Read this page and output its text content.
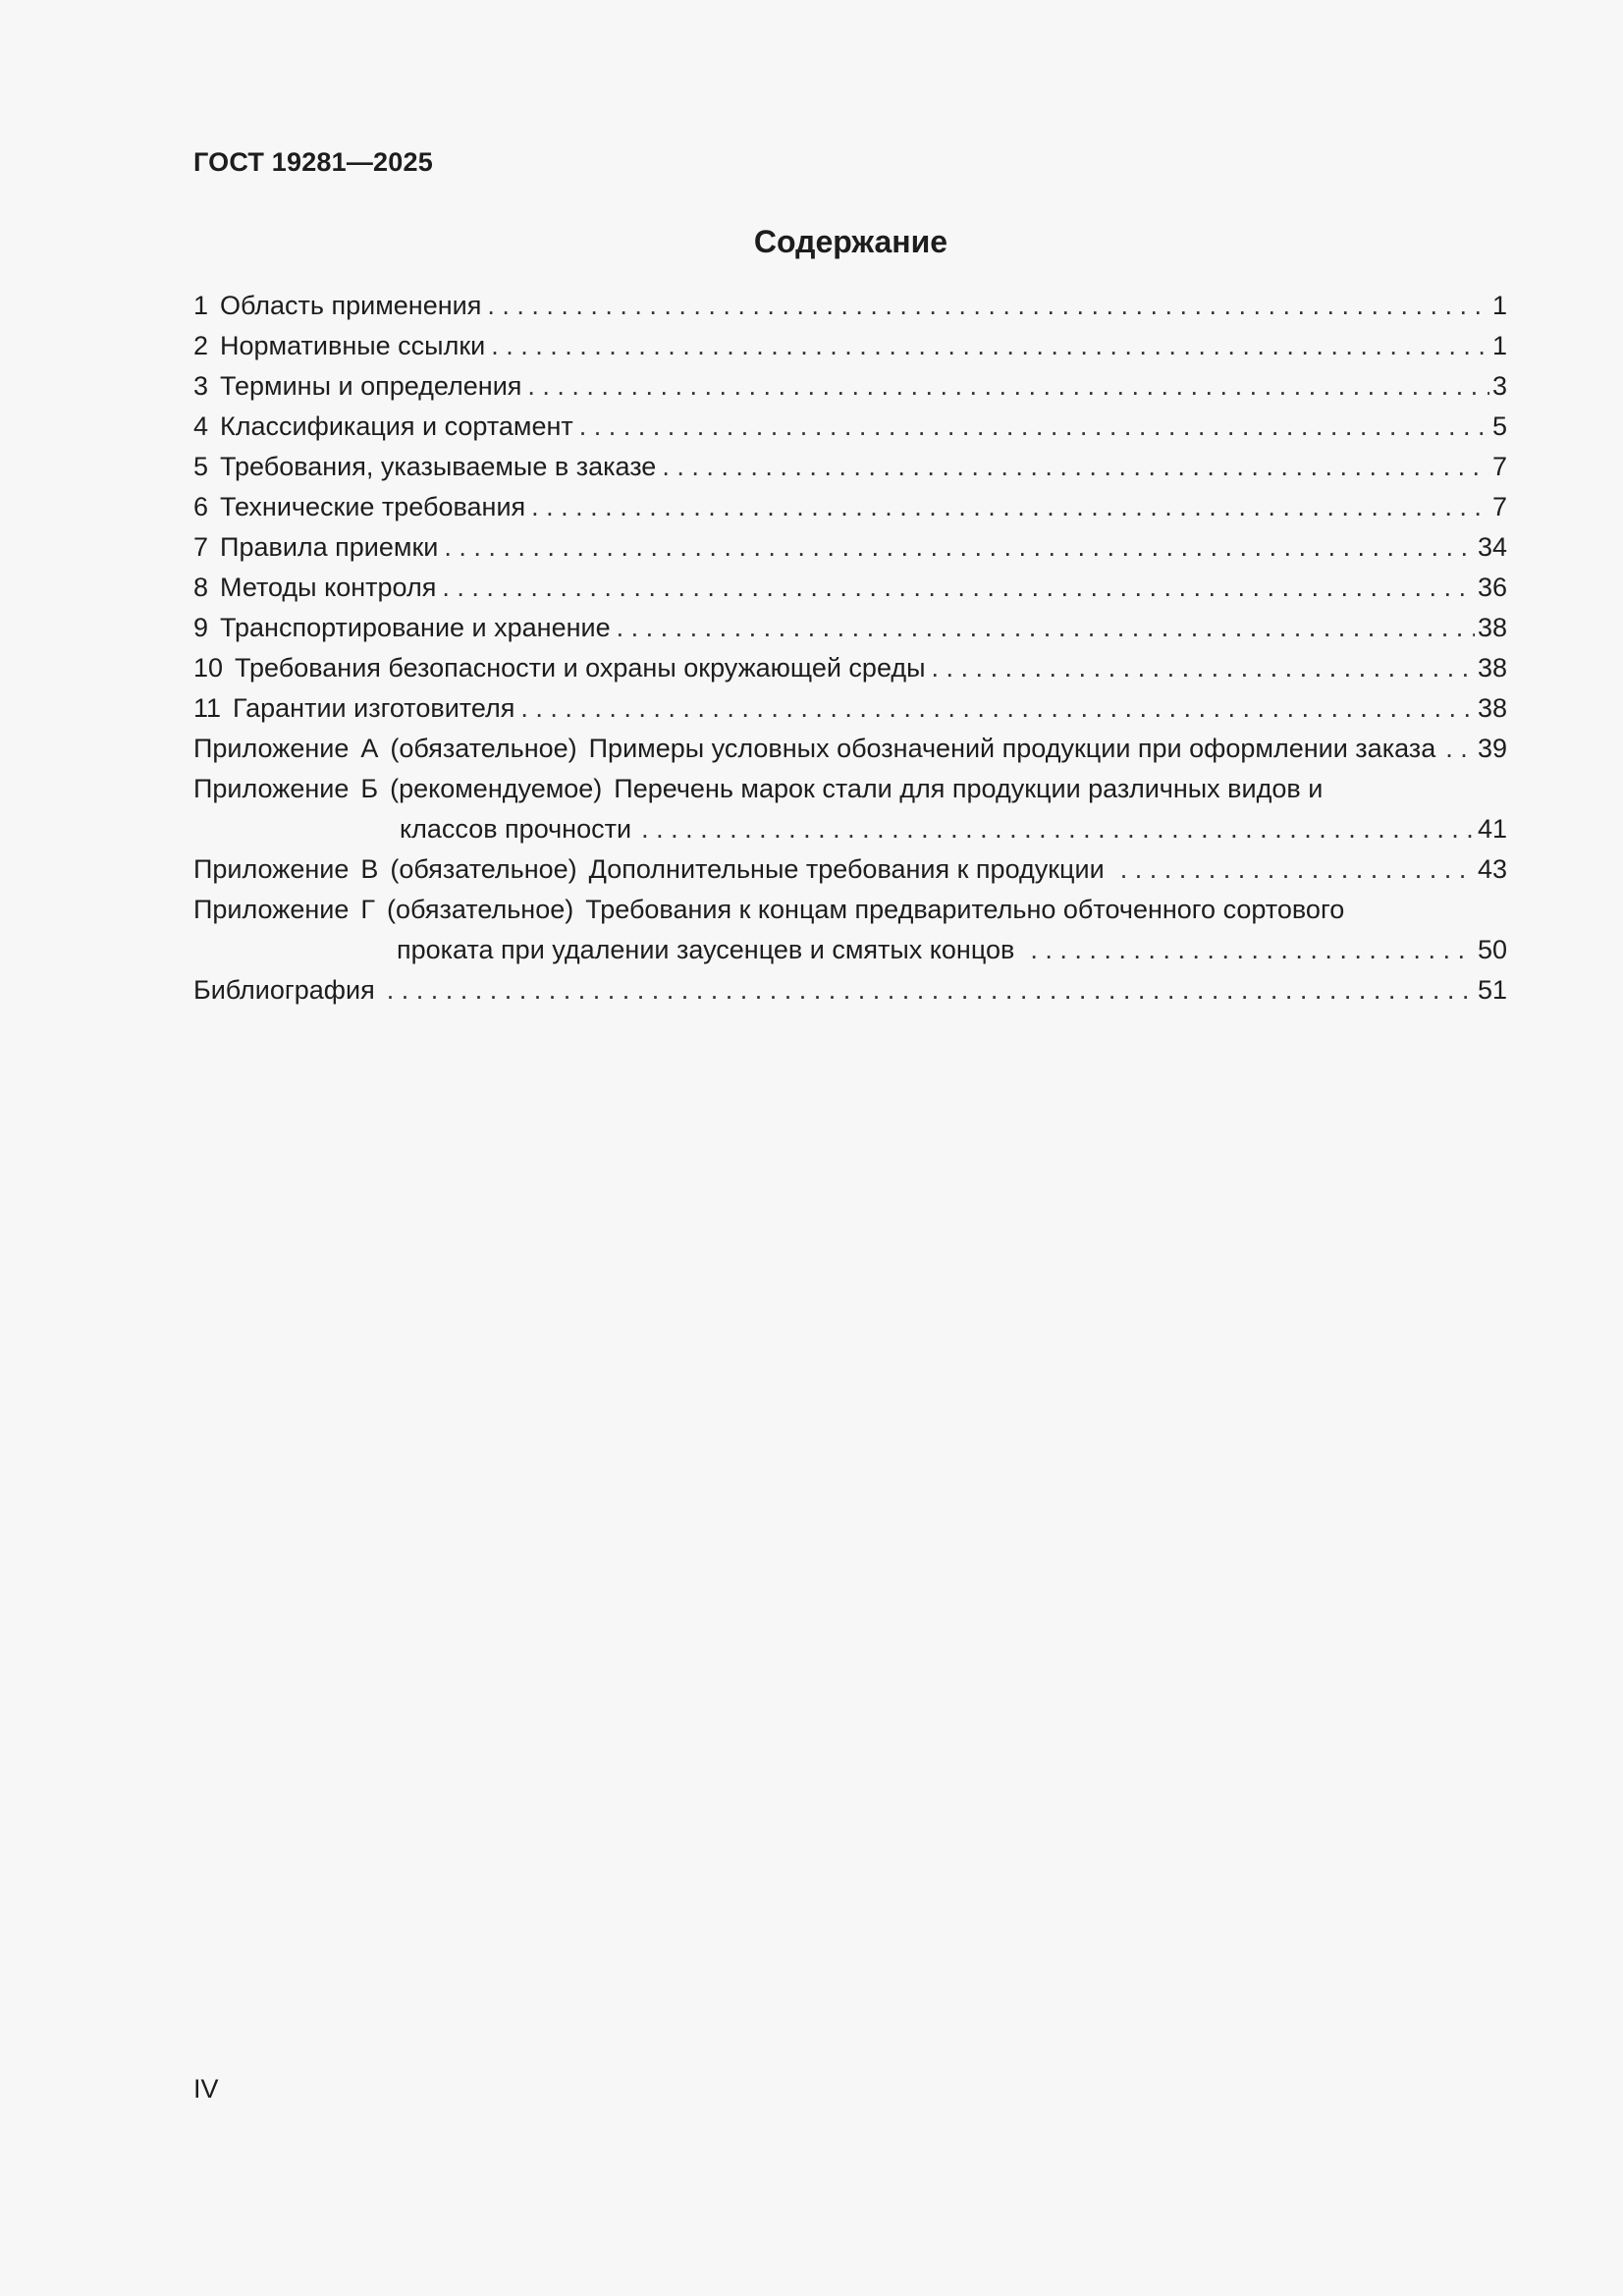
ГОСТ 19281—2025
Содержание
1 Область применения . . .	1
2 Нормативные ссылки . . .	1
3 Термины и определения . . .	3
4 Классификация и сортамент . . .	5
5 Требования, указываемые в заказе . . .	7
6 Технические требования . . .	7
7 Правила приемки . . .	34
8 Методы контроля . . .	36
9 Транспортирование и хранение . . .	38
10 Требования безопасности и охраны окружающей среды . . .	38
11 Гарантии изготовителя . . .	38
Приложение А (обязательное) Примеры условных обозначений продукции при оформлении заказа . . . 39
Приложение Б (рекомендуемое) Перечень марок стали для продукции различных видов и
классов прочности . . .	41
Приложение В (обязательное) Дополнительные требования к продукции . . .	43
Приложение Г (обязательное) Требования к концам предварительно обточенного сортового
проката при удалении заусенцев и смятых концов . . .	50
Библиография . . .	51
IV
